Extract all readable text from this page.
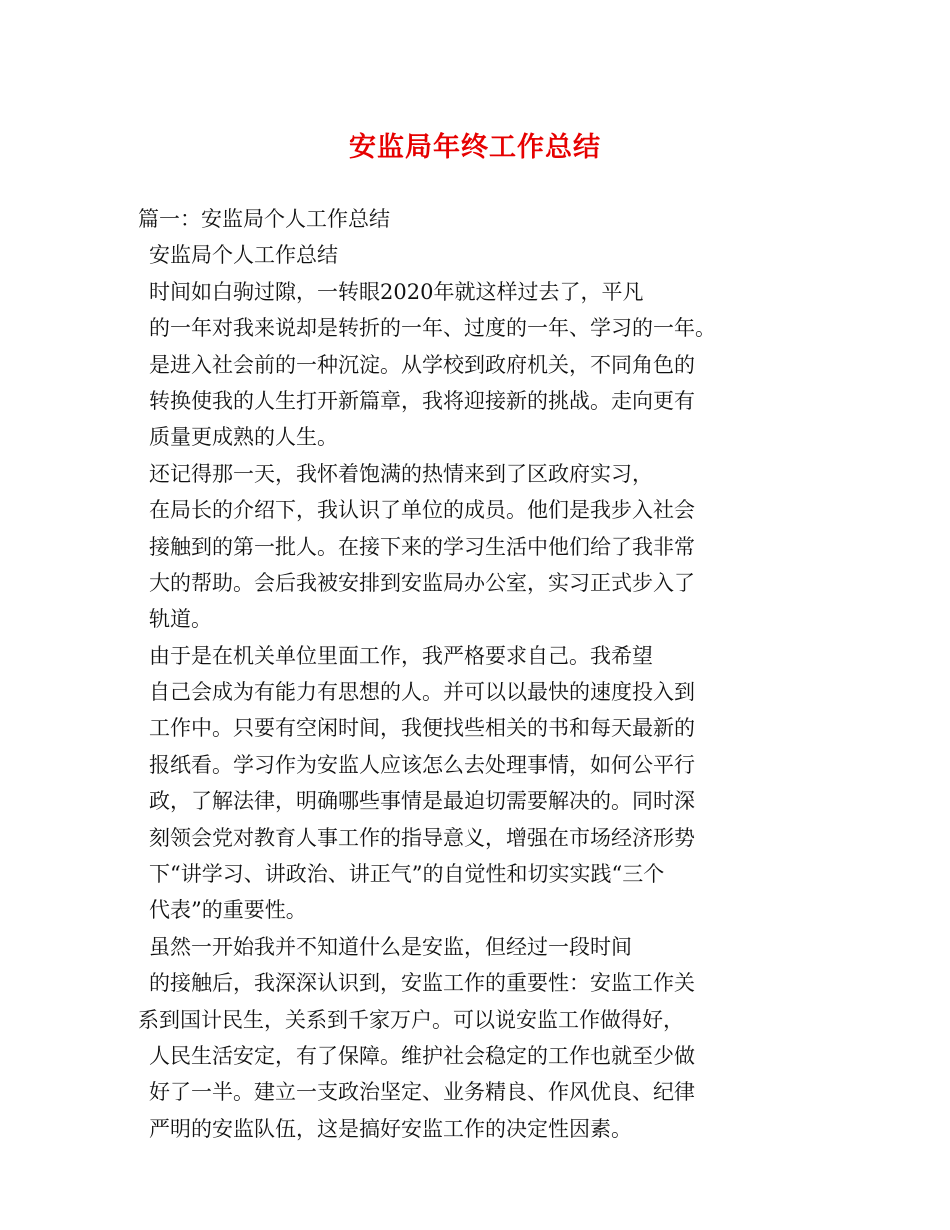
安监局年终工作总结
篇一：安监局个人工作总结
安监局个人工作总结
时间如白驹过隙，一转眼2020年就这样过去了，平凡
的一年对我来说却是转折的一年、过度的一年、学习的一年。
是进入社会前的一种沉淀。从学校到政府机关，不同角色的
转换使我的人生打开新篇章，我将迎接新的挑战。走向更有
质量更成熟的人生。
还记得那一天，我怀着饱满的热情来到了区政府实习，
在局长的介绍下，我认识了单位的成员。他们是我步入社会
接触到的第一批人。在接下来的学习生活中他们给了我非常
大的帮助。会后我被安排到安监局办公室，实习正式步入了
轨道。
由于是在机关单位里面工作，我严格要求自己。我希望
自己会成为有能力有思想的人。并可以以最快的速度投入到
工作中。只要有空闲时间，我便找些相关的书和每天最新的
报纸看。学习作为安监人应该怎么去处理事情，如何公平行
政，了解法律，明确哪些事情是最迫切需要解决的。同时深
刻领会党对教育人事工作的指导意义，增强在市场经济形势
下“讲学习、讲政治、讲正气”的自觉性和切实实践“三个
代表”的重要性。
虽然一开始我并不知道什么是安监，但经过一段时间
的接触后，我深深认识到，安监工作的重要性：安监工作关
系到国计民生，关系到千家万户。可以说安监工作做得好，
人民生活安定，有了保障。维护社会稳定的工作也就至少做
好了一半。建立一支政治坚定、业务精良、作风优良、纪律
严明的安监队伍，这是搞好安监工作的决定性因素。
